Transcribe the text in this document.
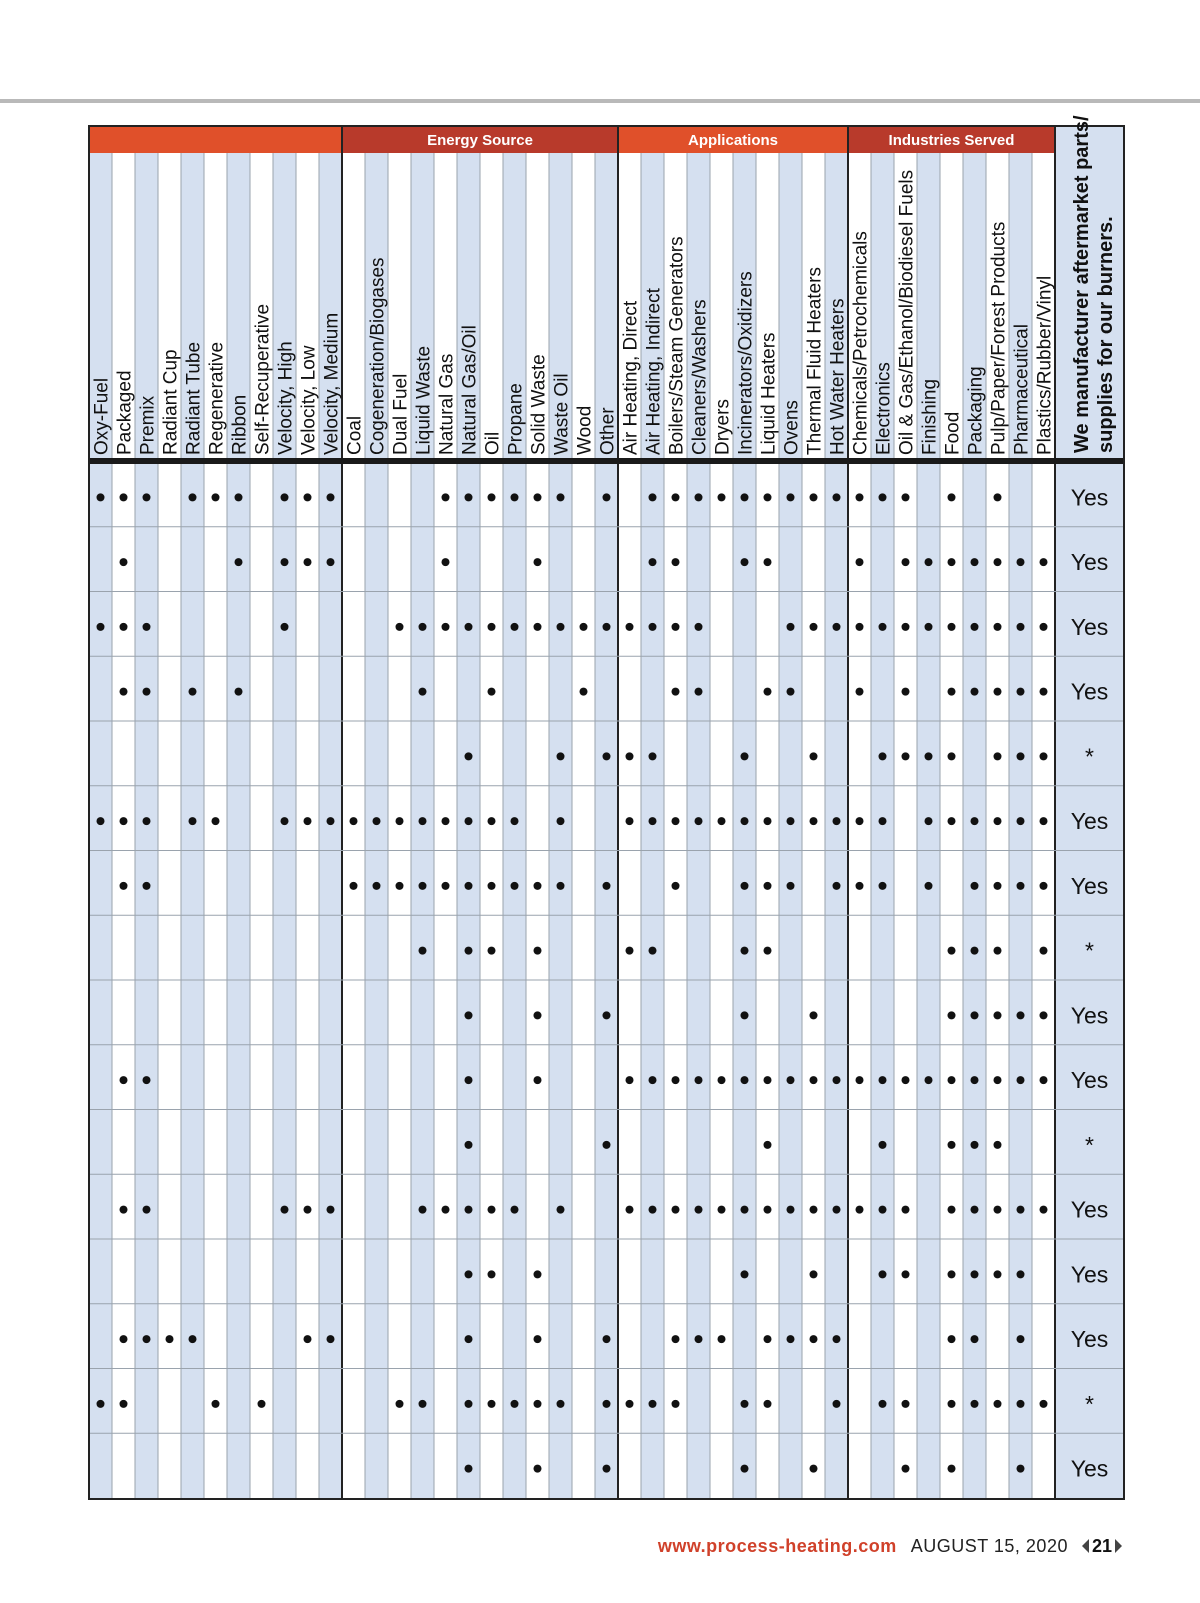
Energy Source	Applications	Industries Served
Oxy-Fuel Packaged Premix Radiant Cup Radiant Tube Regenerative Ribbon Self-Recuperative Velocity, High Velocity, Low Velocity, Medium Coal Cogeneration/Biogases Dual Fuel Liquid Waste Natural Gas Natural Gas/Oil Oil Propane Solid Waste Waste Oil Wood Other Air Heating, Direct Air Heating, Indirect Boilers/Steam Generators Cleaners/Washers Dryers Incinerators/Oxidizers Liquid Heaters Ovens Thermal Fluid Heaters Hot Water Heaters Chemicals/Petrochemicals Electronics Oil & Gas/Ethanol/Biodiesel Fuels Finishing Food Packaging Pulp/Paper/Forest Products Pharmaceutical Plastics/Rubber/Vinyl We manufacturer aftermarket parts/ supplies for our burners.
Yes
Yes
Yes
Yes
*
Yes
Yes
*
Yes
Yes
*
Yes
Yes
Yes
*
Yes
www.process-heating.com AUGUST 15, 2020 21
